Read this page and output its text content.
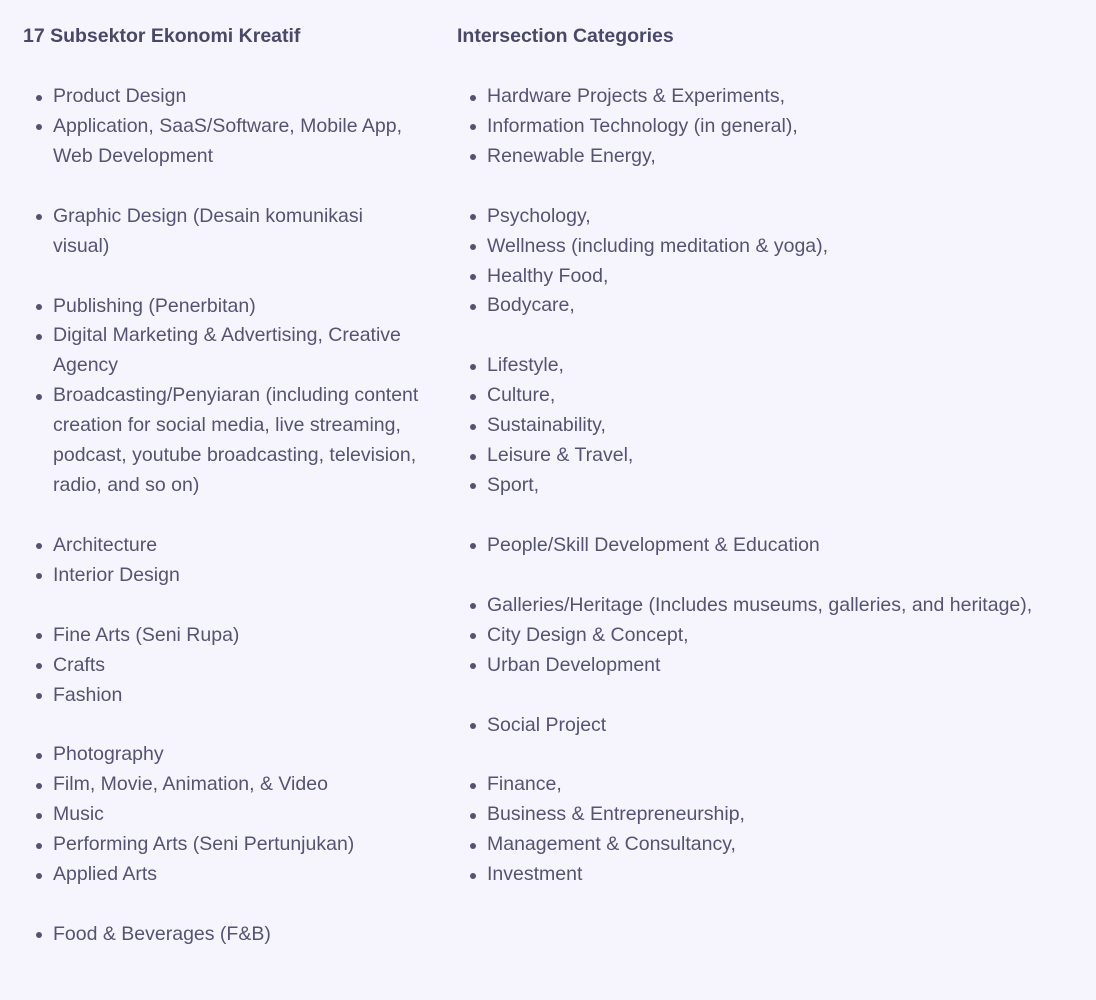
17 Subsektor Ekonomi Kreatif
Product Design
Application, SaaS/Software, Mobile App, Web Development
Graphic Design (Desain komunikasi visual)
Publishing (Penerbitan)
Digital Marketing & Advertising, Creative Agency
Broadcasting/Penyiaran (including content creation for social media, live streaming, podcast, youtube broadcasting, television, radio, and so on)
Architecture
Interior Design
Fine Arts (Seni Rupa)
Crafts
Fashion
Photography
Film, Movie, Animation, & Video
Music
Performing Arts (Seni Pertunjukan)
Applied Arts
Food & Beverages (F&B)
Intersection Categories
Hardware Projects & Experiments,
Information Technology (in general),
Renewable Energy,
Psychology,
Wellness (including meditation & yoga),
Healthy Food,
Bodycare,
Lifestyle,
Culture,
Sustainability,
Leisure & Travel,
Sport,
People/Skill Development & Education
Galleries/Heritage (Includes museums, galleries, and heritage),
City Design & Concept,
Urban Development
Social Project
Finance,
Business & Entrepreneurship,
Management & Consultancy,
Investment
